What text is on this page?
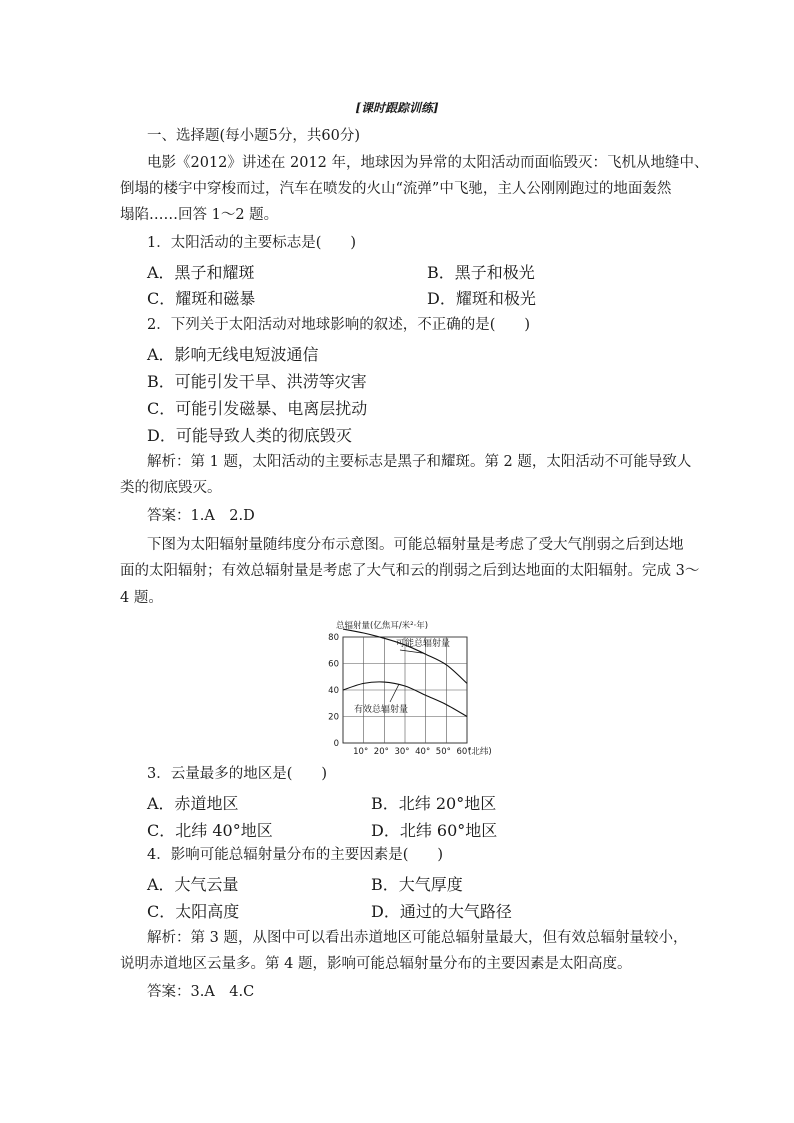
[课时跟踪训练]
一、选择题(每小题5分，共60分)
电影《2012》讲述在 2012 年，地球因为异常的太阳活动而面临毁灭：飞机从地缝中、
倒塌的楼宇中穿梭而过，汽车在喷发的火山“流弹”中飞驰，主人公刚刚跑过的地面轰然
塌陷……回答 1～2 题。
1．太阳活动的主要标志是(　　)
A．黑子和耀斑	B．黑子和极光
C．耀斑和磁暴	D．耀斑和极光
2．下列关于太阳活动对地球影响的叙述，不正确的是(　　)
A．影响无线电短波通信
B．可能引发干旱、洪涝等灾害
C．可能引发磁暴、电离层扰动
D．可能导致人类的彻底毁灭
解析：第 1 题，太阳活动的主要标志是黑子和耀斑。第 2 题，太阳活动不可能导致人
类的彻底毁灭。
答案：1.A　2.D
下图为太阳辐射量随纬度分布示意图。可能总辐射量是考虑了受大气削弱之后到达地
面的太阳辐射；有效总辐射量是考虑了大气和云的削弱之后到达地面的太阳辐射。完成 3～
4 题。
0
20
40
60
80
10° 20° 30° 40° 50° 60°
(北纬)
总辐射量(亿焦耳/米²·年)
可能总辐射量
有效总辐射量
3．云量最多的地区是(　　)
A．赤道地区	B．北纬 20°地区
C．北纬 40°地区	D．北纬 60°地区
4．影响可能总辐射量分布的主要因素是(　　)
A．大气云量	B．大气厚度
C．太阳高度	D．通过的大气路径
解析：第 3 题，从图中可以看出赤道地区可能总辐射量最大，但有效总辐射量较小，
说明赤道地区云量多。第 4 题，影响可能总辐射量分布的主要因素是太阳高度。
答案：3.A　4.C
